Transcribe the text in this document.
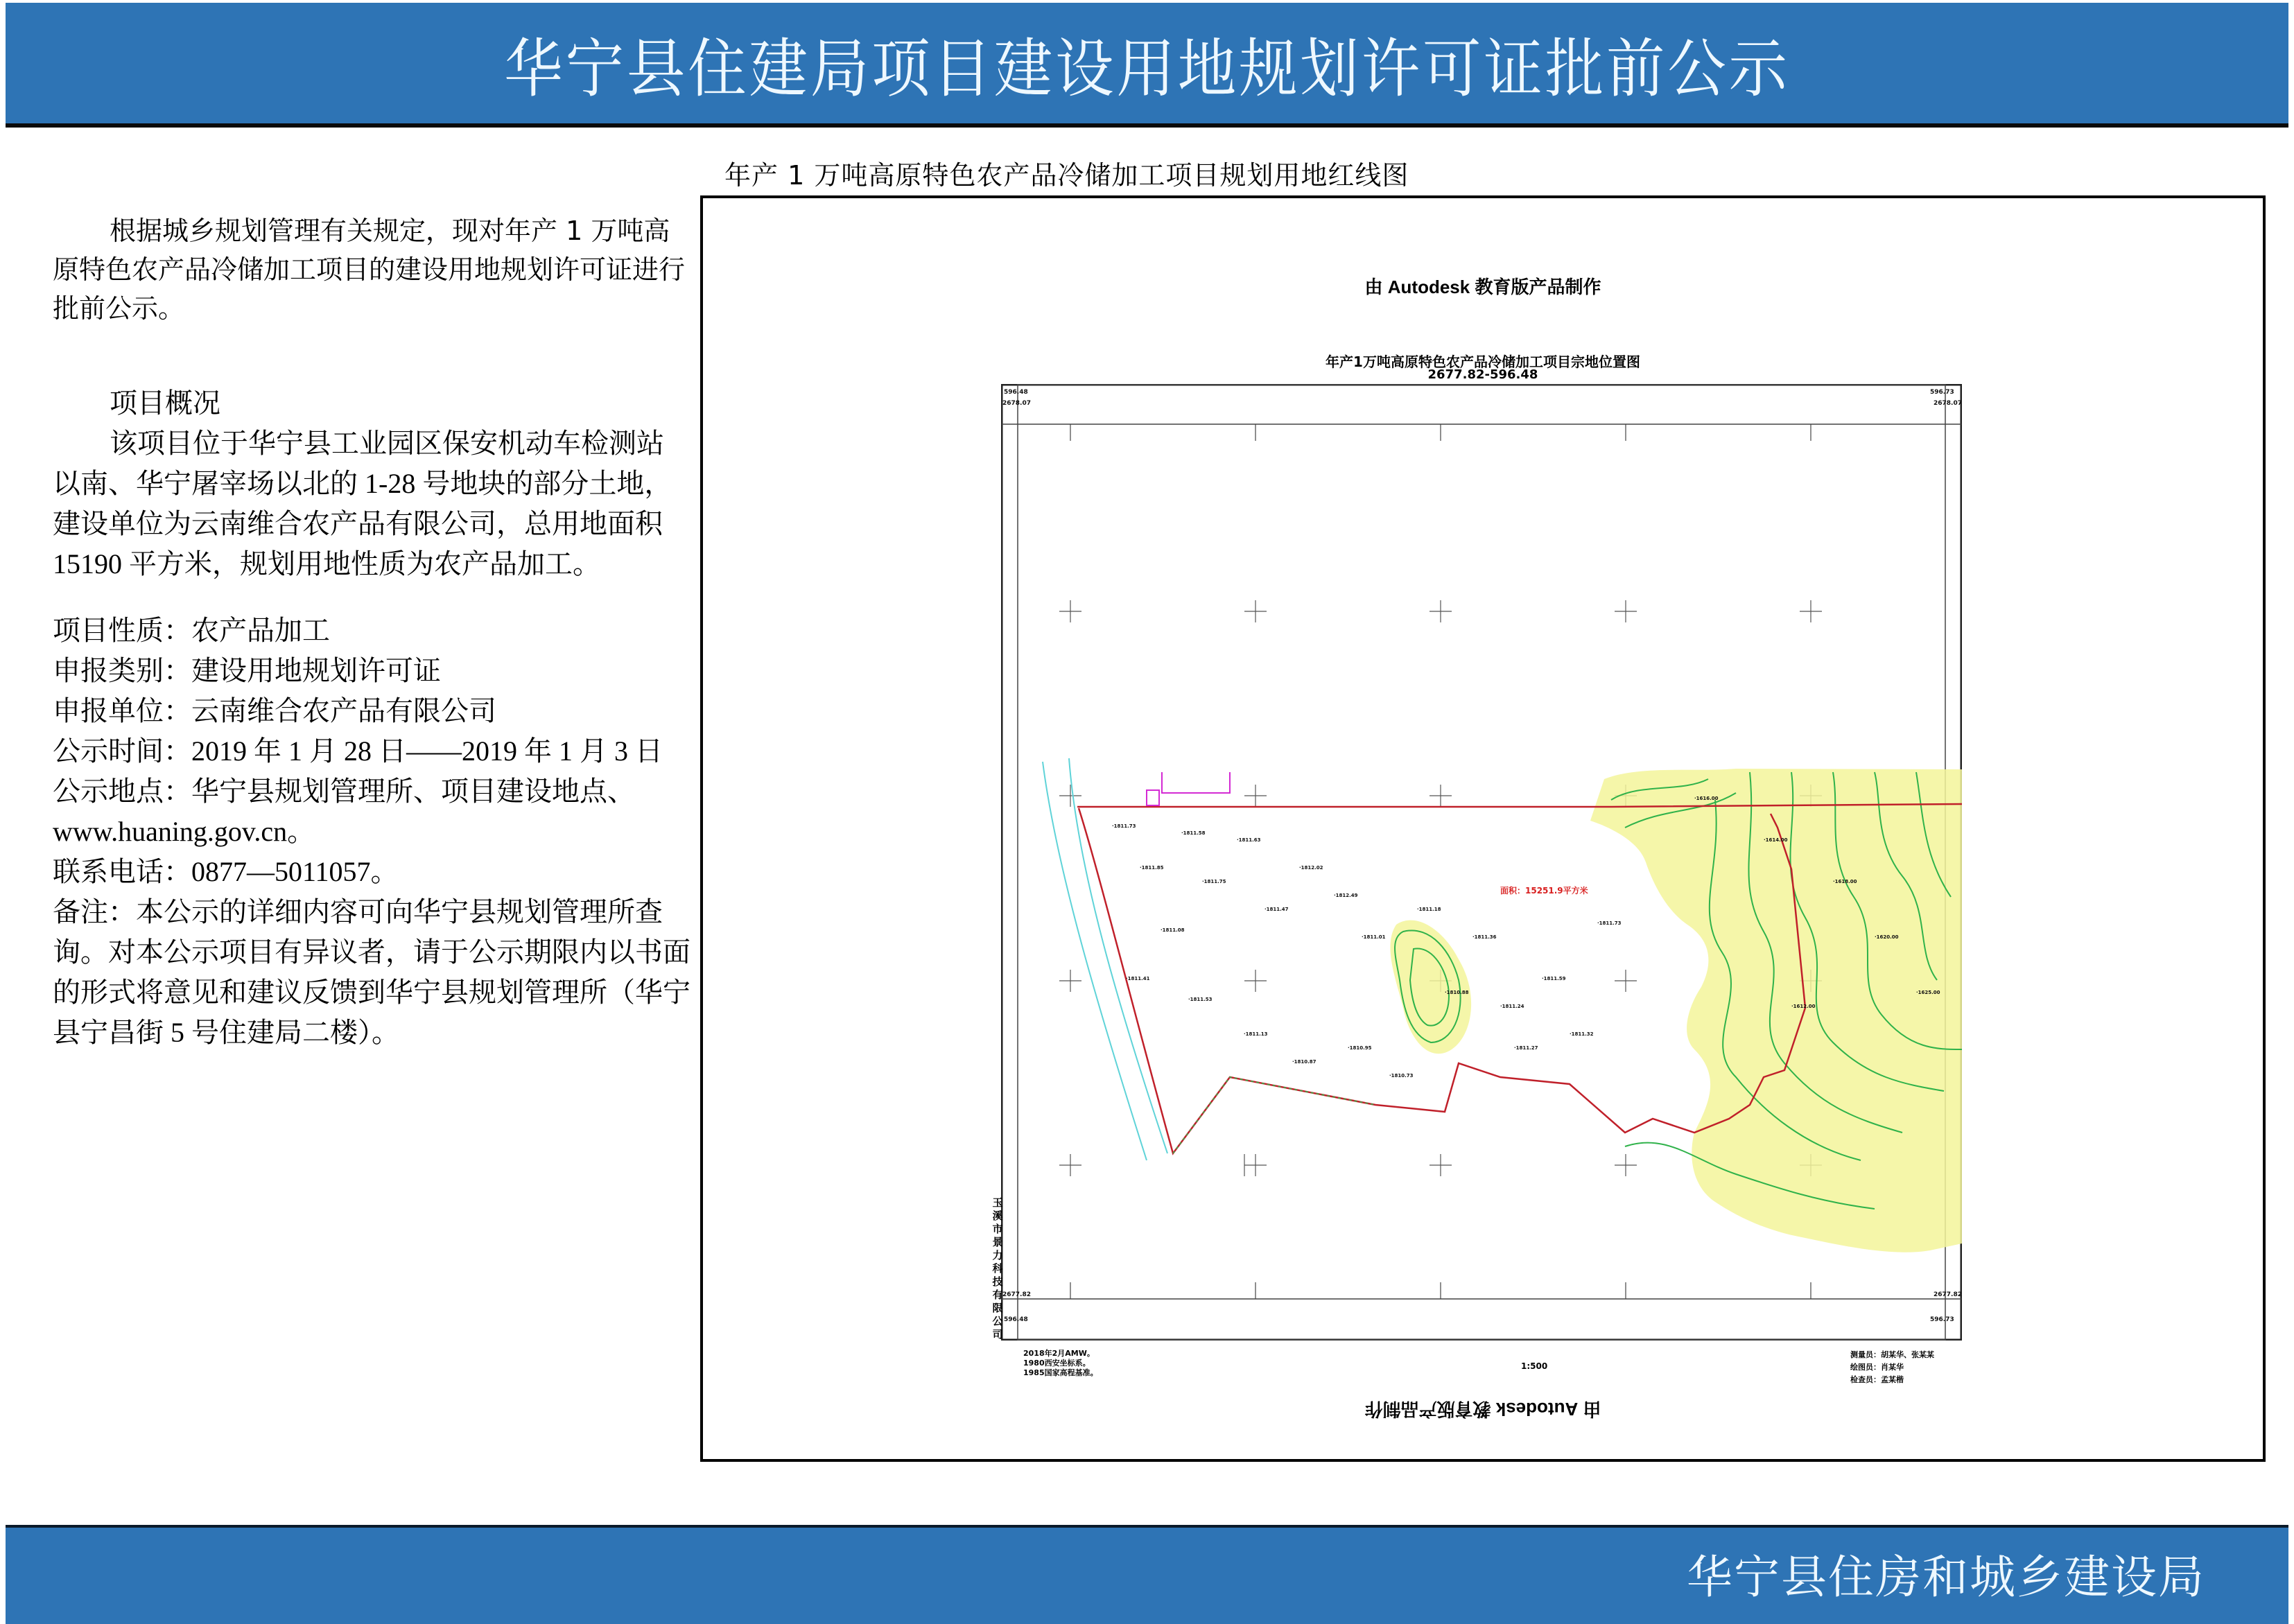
华宁县住建局项目建设用地规划许可证批前公示

根据城乡规划管理有关规定，现对年产 1 万吨高原特色农产品冷储加工项目的建设用地规划许可证进行批前公示。

项目概况

该项目位于华宁县工业园区保安机动车检测站以南、华宁屠宰场以北的 1-28 号地块的部分土地，建设单位为云南维合农产品有限公司，总用地面积 15190 平方米，规划用地性质为农产品加工。

项目性质：农产品加工

申报类别：建设用地规划许可证

申报单位：云南维合农产品有限公司

公示时间：2019 年 1 月 28 日——2019 年 1 月 3 日

公示地点：华宁县规划管理所、项目建设地点、

www.huaning.gov.cn。

联系电话：0877—5011057。

备注：本公示的详细内容可向华宁县规划管理所查询。对本公示项目有异议者，请于公示期限内以书面的形式将意见和建议反馈到华宁县规划管理所（华宁县宁昌街 5 号住建局二楼）。

年产 1 万吨高原特色农产品冷储加工项目规划用地红线图
由 Autodesk 教育版产品制作
年产1万吨高原特色农产品冷储加工项目宗地位置图
2677.82-596.48
596.48
2678.07
596.73
2678.07
2677.82
596.48
2677.82
596.73
面积：15251.9平方米
·1811.73
·1811.58
·1811.63
·1811.85
·1811.75
·1811.47
·1811.08
·1812.02
·1812.49
·1811.01
·1811.18
·1811.36
·1811.41
·1811.53
·1811.13
·1810.87
·1810.95
·1810.73
·1810.88
·1811.24
·1811.59
·1811.32
·1811.73
·1811.27
·1616.00
·1614.00
·1618.00
·1620.00
·1625.00
·1612.00
玉溪市景力科技有限公司
2018年2月AMW。
1980西安坐标系。
1985国家高程基准。
1:500
测量员：胡某华、张某某
绘图员：肖某华
检查员：孟某楷
由 Autodesk 教育版产品制作
华宁县住房和城乡建设局
